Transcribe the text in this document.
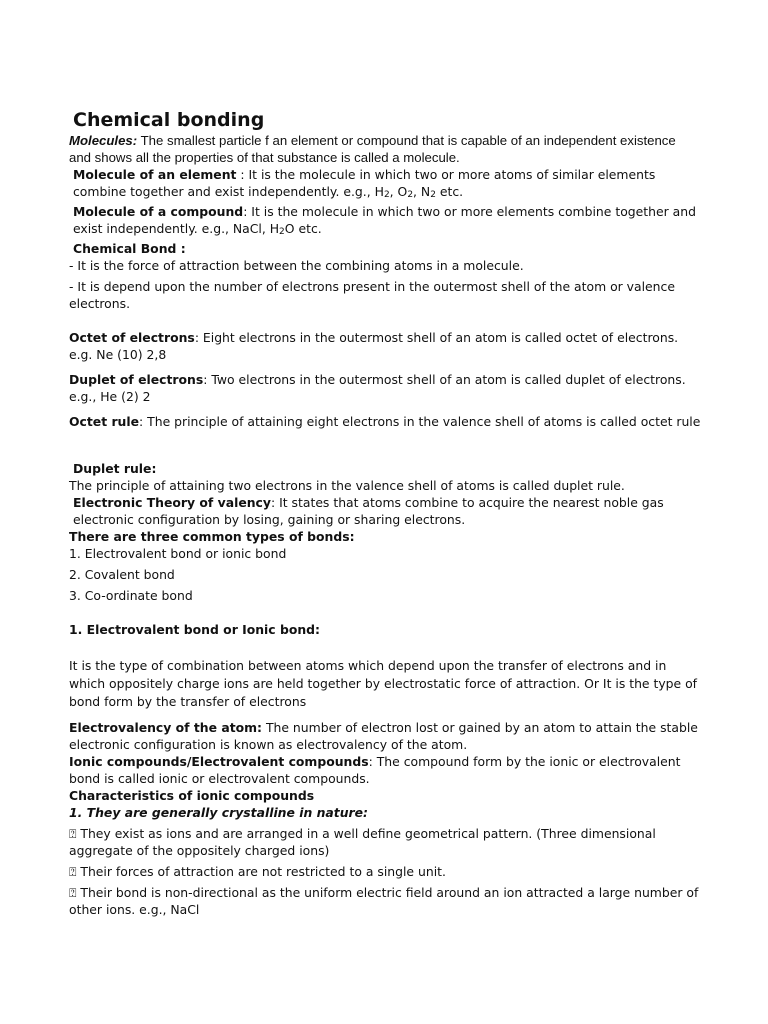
Chemical bonding

Molecules: The smallest particle f an element or compound that is capable of an independent existence and shows all the properties of that substance is called a molecule.

Molecule of an element : It is the molecule in which two or more atoms of similar elements combine together and exist independently. e.g., $H_2$, $O_2$, $N_2$ etc.

Molecule of a compound: It is the molecule in which two or more elements combine together and exist independently. e.g., NaCl, $H_2O$ etc.

Chemical Bond :

- It is the force of attraction between the combining atoms in a molecule.

- It is depend upon the number of electrons present in the outermost shell of the atom or valence electrons.

Octet of electrons: Eight electrons in the outermost shell of an atom is called octet of electrons. e.g. Ne (10) 2,8

Duplet of electrons: Two electrons in the outermost shell of an atom is called duplet of electrons. e.g., He (2) 2

Octet rule: The principle of attaining eight electrons in the valence shell of atoms is called octet rule

Duplet rule:

The principle of attaining two electrons in the valence shell of atoms is called duplet rule.

Electronic Theory of valency: It states that atoms combine to acquire the nearest noble gas electronic configuration by losing, gaining or sharing electrons.

There are three common types of bonds:

1. Electrovalent bond or ionic bond

2. Covalent bond

3. Co-ordinate bond

1. Electrovalent bond or Ionic bond:

It is the type of combination between atoms which depend upon the transfer of electrons and in which oppositely charge ions are held together by electrostatic force of attraction. Or It is the type of bond form by the transfer of electrons

Electrovalency of the atom: The number of electron lost or gained by an atom to attain the stable electronic configuration is known as electrovalency of the atom.

Ionic compounds/Electrovalent compounds: The compound form by the ionic or electrovalent bond is called ionic or electrovalent compounds.

Characteristics of ionic compounds

1. They are generally crystalline in nature:

⍰ They exist as ions and are arranged in a well define geometrical pattern. (Three dimensional aggregate of the oppositely charged ions)

⍰ Their forces of attraction are not restricted to a single unit.

⍰ Their bond is non-directional as the uniform electric field around an ion attracted a large number of other ions. e.g., NaCl
